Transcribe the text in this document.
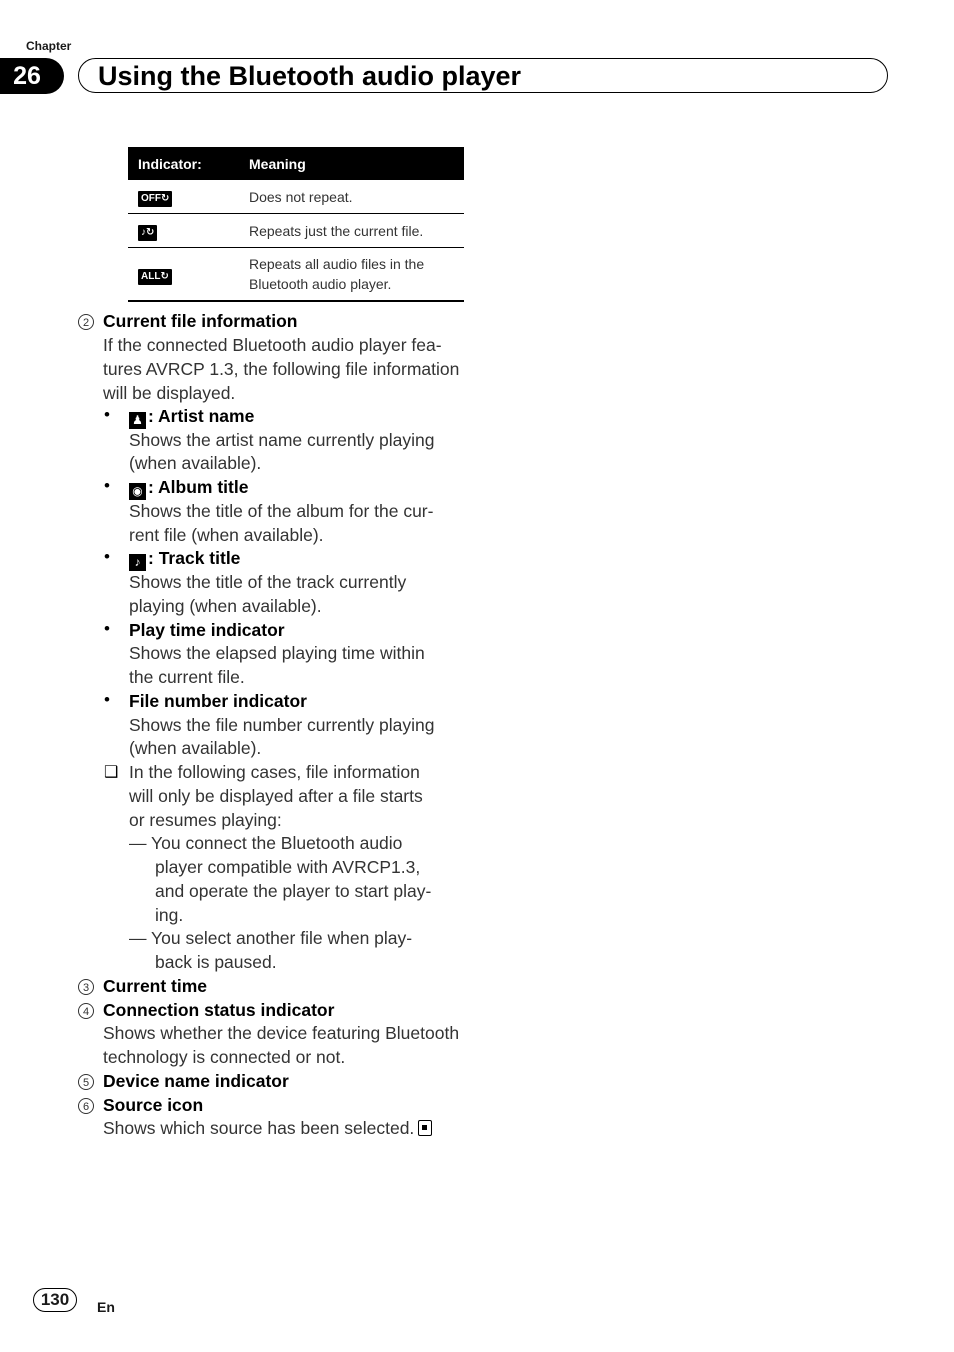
Chapter
26	Using the Bluetooth audio player
Indicator:	Meaning
OFF↻	Does not repeat.
♪↻	Repeats just the current file.
ALL↻	Repeats all audio files in the
Bluetooth audio player.
2 Current file information
If the connected Bluetooth audio player fea-
tures AVRCP 1.3, the following file information
will be displayed.
• ♟ : Artist name
Shows the artist name currently playing
(when available).
• ◉ : Album title
Shows the title of the album for the cur-
rent file (when available).
•	♪ : Track title
Shows the title of the track currently
playing (when available).
• Play time indicator
Shows the elapsed playing time within
the current file.
• File number indicator
Shows the file number currently playing
(when available).
❑ In the following cases, file information
will only be displayed after a file starts
or resumes playing:
— You connect the Bluetooth audio
player compatible with AVRCP1.3,
and operate the player to start play-
ing.
— You select another file when play-
back is paused.
3 Current time
4 Connection status indicator
Shows whether the device featuring Bluetooth
technology is connected or not.
5 Device name indicator
6 Source icon
Shows which source has been selected.
130	En
